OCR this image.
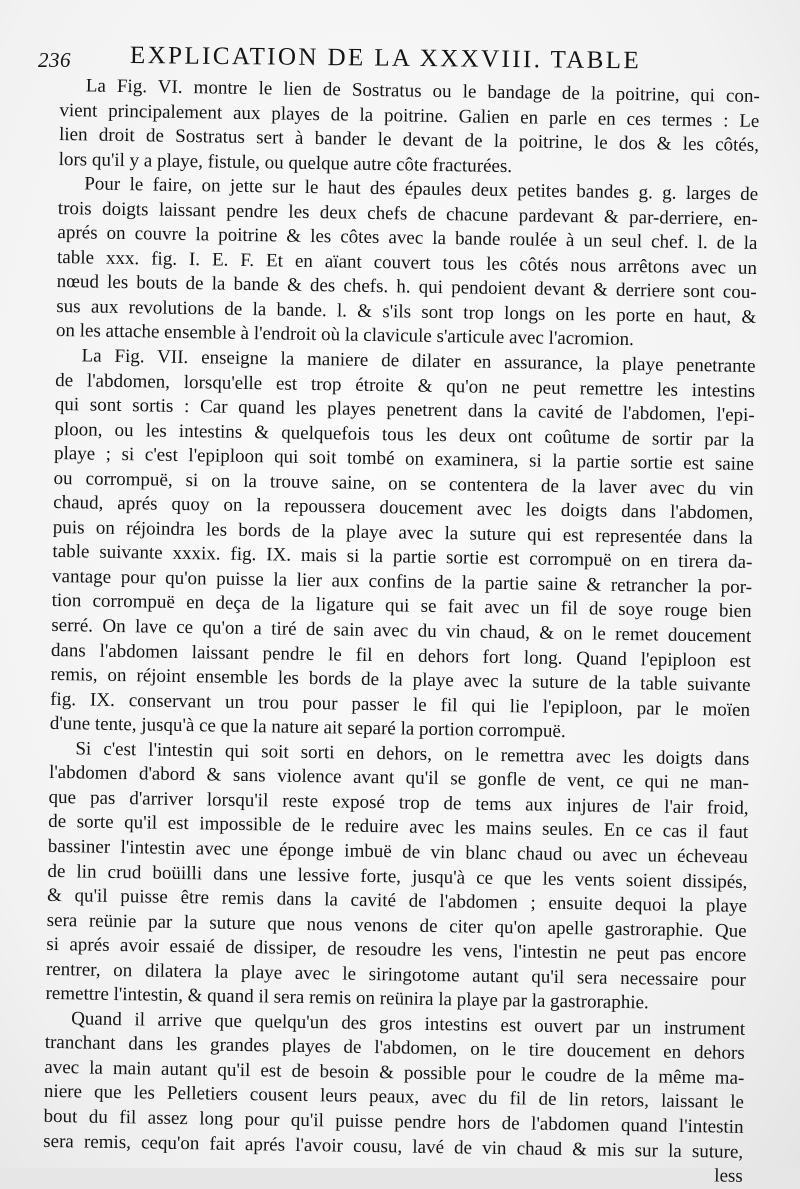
236 EXPLICATION DE LA XXXVIII. TABLE
La Fig. VI. montre le lien de Sostratus ou le bandage de la poitrine, qui con-
vient principalement aux playes de la poitrine. Galien en parle en ces termes : Le
lien droit de Sostratus sert à bander le devant de la poitrine, le dos & les côtés,
lors qu'il y a playe, fistule, ou quelque autre côte fracturées.
Pour le faire, on jette sur le haut des épaules deux petites bandes g. g. larges de
trois doigts laissant pendre les deux chefs de chacune pardevant & par-derriere, en-
aprés on couvre la poitrine & les côtes avec la bande roulée à un seul chef. l. de la
table xxx. fig. I. E. F. Et en aïant couvert tous les côtés nous arrêtons avec un
nœud les bouts de la bande & des chefs. h. qui pendoient devant & derriere sont cou-
sus aux revolutions de la bande. l. & s'ils sont trop longs on les porte en haut, &
on les attache ensemble à l'endroit où la clavicule s'articule avec l'acromion.
La Fig. VII. enseigne la maniere de dilater en assurance, la playe penetrante
de l'abdomen, lorsqu'elle est trop étroite & qu'on ne peut remettre les intestins
qui sont sortis : Car quand les playes penetrent dans la cavité de l'abdomen, l'epi-
ploon, ou les intestins & quelquefois tous les deux ont coûtume de sortir par la
playe ; si c'est l'epiploon qui soit tombé on examinera, si la partie sortie est saine
ou corrompuë, si on la trouve saine, on se contentera de la laver avec du vin
chaud, aprés quoy on la repoussera doucement avec les doigts dans l'abdomen,
puis on réjoindra les bords de la playe avec la suture qui est representée dans la
table suivante xxxix. fig. IX. mais si la partie sortie est corrompuë on en tirera da-
vantage pour qu'on puisse la lier aux confins de la partie saine & retrancher la por-
tion corrompuë en deça de la ligature qui se fait avec un fil de soye rouge bien
serré. On lave ce qu'on a tiré de sain avec du vin chaud, & on le remet doucement
dans l'abdomen laissant pendre le fil en dehors fort long. Quand l'epiploon est
remis, on réjoint ensemble les bords de la playe avec la suture de la table suivante
fig. IX. conservant un trou pour passer le fil qui lie l'epiploon, par le moïen
d'une tente, jusqu'à ce que la nature ait separé la portion corrompuë.
Si c'est l'intestin qui soit sorti en dehors, on le remettra avec les doigts dans
l'abdomen d'abord & sans violence avant qu'il se gonfle de vent, ce qui ne man-
que pas d'arriver lorsqu'il reste exposé trop de tems aux injures de l'air froid,
de sorte qu'il est impossible de le reduire avec les mains seules. En ce cas il faut
bassiner l'intestin avec une éponge imbuë de vin blanc chaud ou avec un écheveau
de lin crud boüilli dans une lessive forte, jusqu'à ce que les vents soient dissipés,
& qu'il puisse être remis dans la cavité de l'abdomen ; ensuite dequoi la playe
sera reünie par la suture que nous venons de citer qu'on apelle gastroraphie. Que
si aprés avoir essaié de dissiper, de resoudre les vens, l'intestin ne peut pas encore
rentrer, on dilatera la playe avec le siringotome autant qu'il sera necessaire pour
remettre l'intestin, & quand il sera remis on reünira la playe par la gastroraphie.
Quand il arrive que quelqu'un des gros intestins est ouvert par un instrument
tranchant dans les grandes playes de l'abdomen, on le tire doucement en dehors
avec la main autant qu'il est de besoin & possible pour le coudre de la même ma-
niere que les Pelletiers cousent leurs peaux, avec du fil de lin retors, laissant le
bout du fil assez long pour qu'il puisse pendre hors de l'abdomen quand l'intestin
sera remis, cequ'on fait aprés l'avoir cousu, lavé de vin chaud & mis sur la suture,
less
